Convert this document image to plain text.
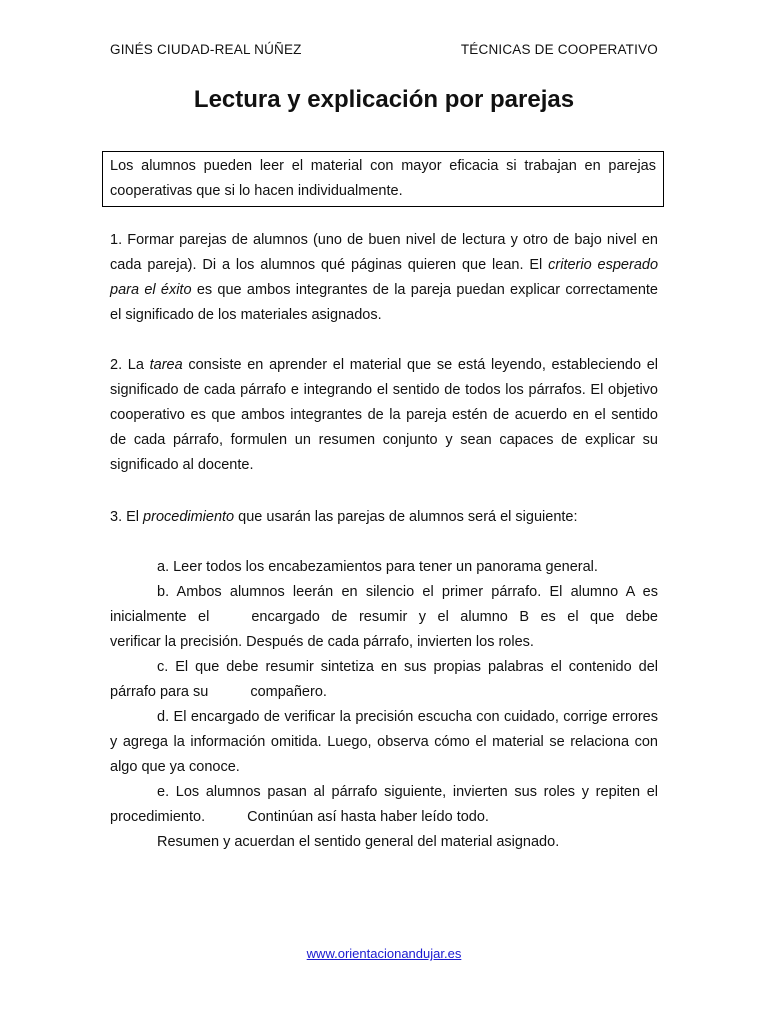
GINÉS CIUDAD-REAL NÚÑEZ	TÉCNICAS DE COOPERATIVO
Lectura y explicación por parejas
Los alumnos pueden leer el material con mayor eficacia si trabajan en parejas cooperativas que si lo hacen individualmente.

1. Formar parejas de alumnos (uno de buen nivel de lectura y otro de bajo nivel en cada pareja). Di a los alumnos qué páginas quieren que lean. El criterio esperado para el éxito es que ambos integrantes de la pareja puedan explicar correctamente el significado de los materiales asignados.

2. La tarea consiste en aprender el material que se está leyendo, estableciendo el significado de cada párrafo e integrando el sentido de todos los párrafos. El objetivo cooperativo es que ambos integrantes de la pareja estén de acuerdo en el sentido de cada párrafo, formulen un resumen conjunto y sean capaces de explicar su significado al docente.

3. El procedimiento que usarán las parejas de alumnos será el siguiente:

a. Leer todos los encabezamientos para tener un panorama general.

b. Ambos alumnos leerán en silencio el primer párrafo. El alumno A es
inicialmente el	encargado de resumir y el alumno B es el que debe
verificar la precisión. Después de cada párrafo, invierten los roles.
c. El que debe resumir sintetiza en sus propias palabras el contenido del
párrafo para su	compañero.

d. El encargado de verificar la precisión escucha con cuidado, corrige errores y agrega la información omitida. Luego, observa cómo el material se relaciona con algo que ya conoce.

e. Los alumnos pasan al párrafo siguiente, invierten sus roles y repiten el
procedimiento.	Continúan así hasta haber leído todo.

Resumen y acuerdan el sentido general del material asignado.

www.orientacionandujar.es
